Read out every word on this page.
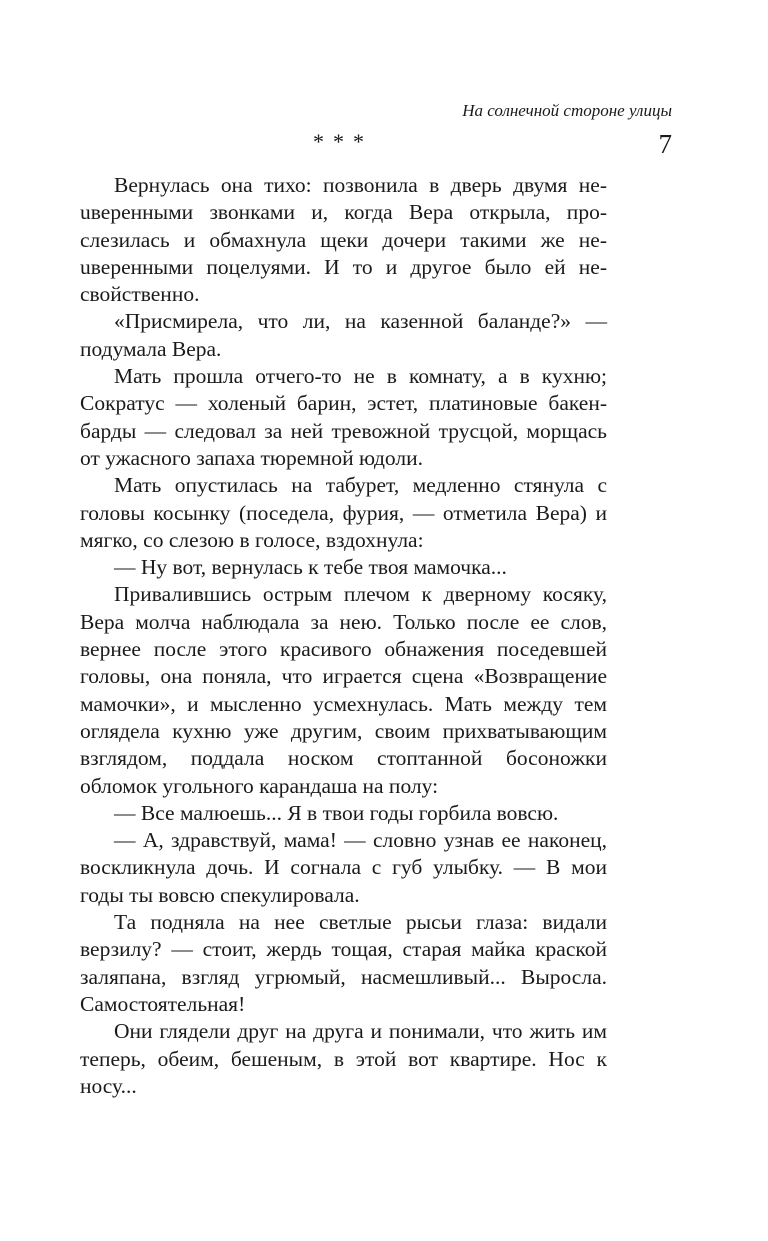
На солнечной стороне улицы
7
***

Вернулась она тихо: позвонила в дверь двумя неuверенными звонками и, когда Вера открыла, прослезилась и обмахнула щеки дочери такими же неuверенными поцелуями. И то и другое было ей несвойственно.

«Присмирела, что ли, на казенной баланде?» — подумала Вера.

Мать прошла отчего-то не в комнату, а в кухню; Сократус — холеный барин, эстет, платиновые бакенбарды — следовал за ней тревожной трусцой, морщась от ужасного запаха тюремной юдоли.

Мать опустилась на табурет, медленно стянула с головы косынку (поседела, фурия, — отметила Вера) и мягко, со слезою в голосе, вздохнула:

— Ну вот, вернулась к тебе твоя мамочка...

Привалившись острым плечом к дверному косяку, Вера молча наблюдала за нею. Только после ее слов, вернее после этого красивого обнажения поседевшей головы, она поняла, что играется сцена «Возвращение мамочки», и мысленно усмехнулась. Мать между тем оглядела кухню уже другим, своим прихватывающим взглядом, поддала носком стоптанной босоножки обломок угольного карандаша на полу:

— Все малюешь... Я в твои годы горбила вовсю.

— А, здравствуй, мама! — словно узнав ее наконец, воскликнула дочь. И согнала с губ улыбку. — В мои годы ты вовсю спекулировала.

Та подняла на нее светлые рысьи глаза: видали верзилу? — стоит, жердь тощая, старая майка краской заляпана, взгляд угрюмый, насмешливый... Выросла. Самостоятельная!

Они глядели друг на друга и понимали, что жить им теперь, обеим, бешеным, в этой вот квартире. Нос к носу...
